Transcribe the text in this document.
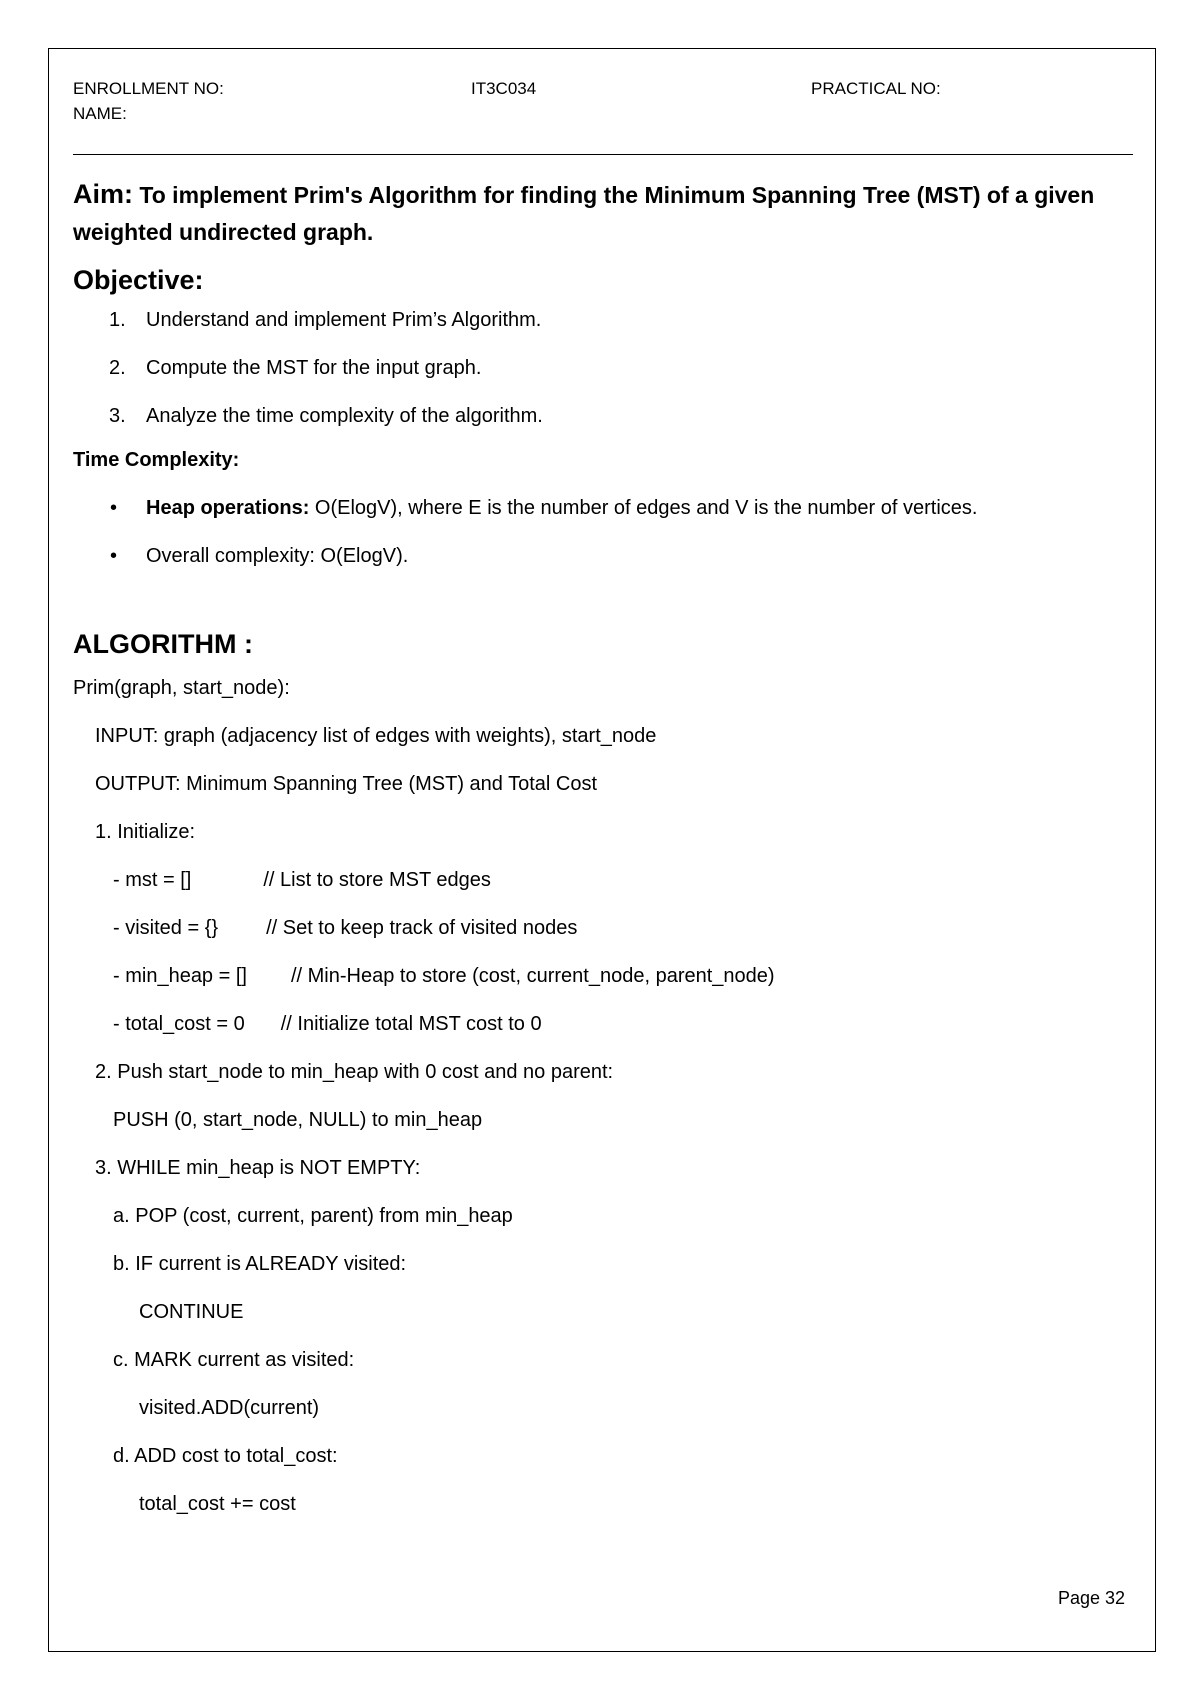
ENROLLMENT NO:	IT3C034	PRACTICAL NO:
NAME:

Aim: To implement Prim's Algorithm for finding the Minimum Spanning Tree (MST) of a given weighted undirected graph.

Objective:
1. Understand and implement Prim’s Algorithm.
2. Compute the MST for the input graph.
3. Analyze the time complexity of the algorithm.
Time Complexity:
• Heap operations: O(ElogV), where E is the number of edges and V is the number of vertices.
• Overall complexity: O(ElogV).
ALGORITHM :
Prim(graph, start_node):
INPUT: graph (adjacency list of edges with weights), start_node
OUTPUT: Minimum Spanning Tree (MST) and Total Cost
1. Initialize:
- mst = []	// List to store MST edges
- visited = {} // Set to keep track of visited nodes
- min_heap = [] // Min-Heap to store (cost, current_node, parent_node)
- total_cost = 0 // Initialize total MST cost to 0
2. Push start_node to min_heap with 0 cost and no parent:
PUSH (0, start_node, NULL) to min_heap
3. WHILE min_heap is NOT EMPTY:
a. POP (cost, current, parent) from min_heap
b. IF current is ALREADY visited:
CONTINUE
c. MARK current as visited:
visited.ADD(current)
d. ADD cost to total_cost:
total_cost += cost
Page 32
